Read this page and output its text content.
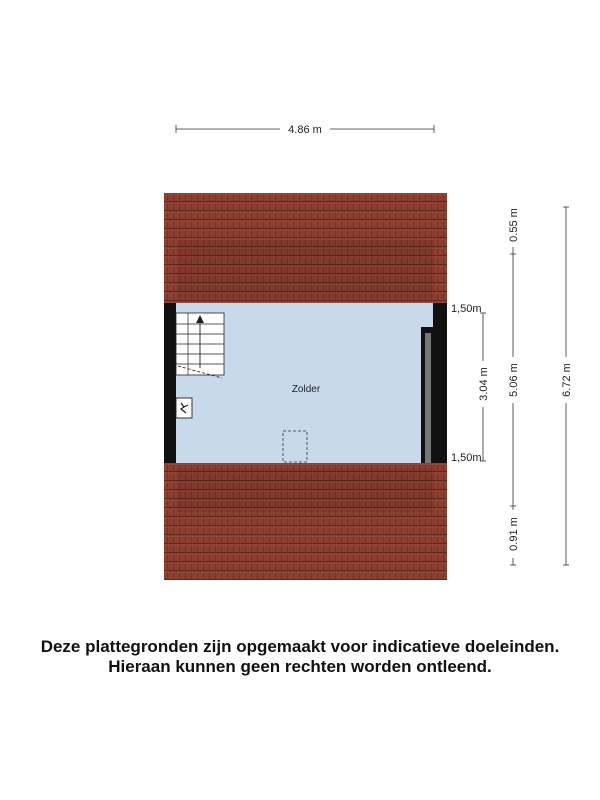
Zolder
4.86 m
1,50m
1,50m
3.04 m
0.55 m
5.06 m
0.91 m
6.72 m
Deze plattegronden zijn opgemaakt voor indicatieve doeleinden.
Hieraan kunnen geen rechten worden ontleend.
